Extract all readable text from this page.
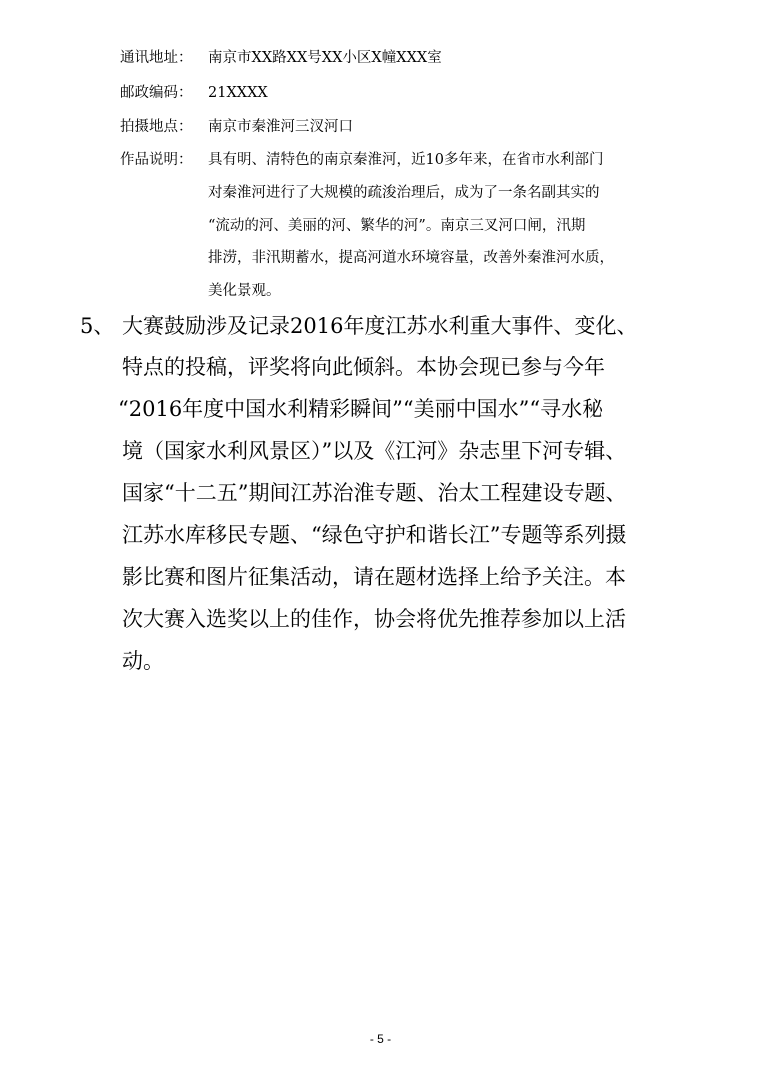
通讯地址： 南京市XX路XX号XX小区X幢XXX室
邮政编码： 21XXXX
拍摄地点： 南京市秦淮河三汊河口
作品说明：	具有明、清特色的南京秦淮河，近10多年来，在省市水利部门
对秦淮河进行了大规模的疏浚治理后，成为了一条名副其实的
“流动的河、美丽的河、繁华的河”。南京三叉河口闸，汛期
排涝，非汛期蓄水，提高河道水环境容量，改善外秦淮河水质，
美化景观。
5、 大赛鼓励涉及记录2016年度江苏水利重大事件、变化、
特点的投稿，评奖将向此倾斜。本协会现已参与今年
“2016年度中国水利精彩瞬间”“美丽中国水”“寻水秘
境（国家水利风景区）”以及《江河》杂志里下河专辑、
国家“十二五”期间江苏治淮专题、治太工程建设专题、
江苏水库移民专题、“绿色守护和谐长江”专题等系列摄
影比赛和图片征集活动，请在题材选择上给予关注。本
次大赛入选奖以上的佳作，协会将优先推荐参加以上活
动。
- 5 -
